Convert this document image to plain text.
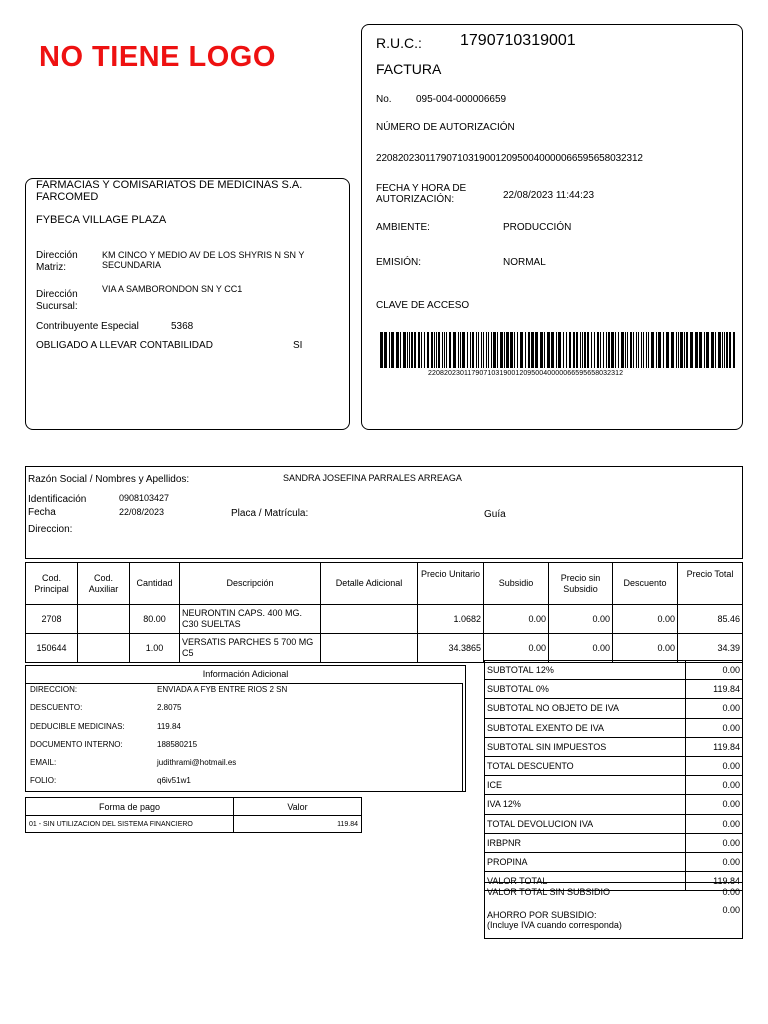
NO TIENE LOGO
FARMACIAS Y COMISARIATOS DE MEDICINAS S.A. FARCOMED
FYBECA VILLAGE PLAZA
Dirección Matriz:
KM CINCO Y MEDIO AV DE LOS SHYRIS N SN Y SECUNDARIA
Dirección Sucursal:
VIA A SAMBORONDON SN Y CC1
Contribuyente Especial	5368
OBLIGADO A LLEVAR CONTABILIDAD	SI
R.U.C.: 1790710319001
FACTURA
No. 095-004-000006659
NÚMERO DE AUTORIZACIÓN
2208202301179071031900120950040000066595658032312
FECHA Y HORA DE AUTORIZACIÓN:	22/08/2023 11:44:23
AMBIENTE:	PRODUCCIÓN
EMISIÓN:	NORMAL
CLAVE DE ACCESO
2208202301179071031900120950040000066595658032312
Razón Social / Nombres y Apellidos:	SANDRA JOSEFINA PARRALES ARREAGA
Identificación	0908103427
Fecha	22/08/2023	Placa / Matrícula:	Guía
Direccion:
Cod. Principal	Cod. Auxiliar	Cantidad	Descripción	Detalle Adicional	Precio Unitario	Subsidio	Precio sin Subsidio	Descuento	Precio Total
2708		80.00	NEURONTIN CAPS. 400 MG. C30 SUELTAS		1.0682	0.00	0.00	0.00	85.46
150644		1.00	VERSATIS PARCHES 5 700 MG C5		34.3865	0.00	0.00	0.00	34.39
Información Adicional
DIRECCION:	ENVIADA A FYB ENTRE RIOS 2 SN
DESCUENTO:	2.8075
DEDUCIBLE MEDICINAS:	119.84
DOCUMENTO INTERNO:	188580215
EMAIL:	judithrami@hotmail.es
FOLIO:	q6iv51w1
Forma de pago	Valor
01 - SIN UTILIZACION DEL SISTEMA FINANCIERO	119.84
SUBTOTAL 12%	0.00
SUBTOTAL 0%	119.84
SUBTOTAL NO OBJETO DE IVA	0.00
SUBTOTAL EXENTO DE IVA	0.00
SUBTOTAL SIN IMPUESTOS	119.84
TOTAL DESCUENTO	0.00
ICE	0.00
IVA 12%	0.00
TOTAL DEVOLUCION IVA	0.00
IRBPNR	0.00
PROPINA	0.00
VALOR TOTAL	119.84
VALOR TOTAL SIN SUBSIDIO	0.00
AHORRO POR SUBSIDIO:
(Incluye IVA cuando corresponda)
0.00
